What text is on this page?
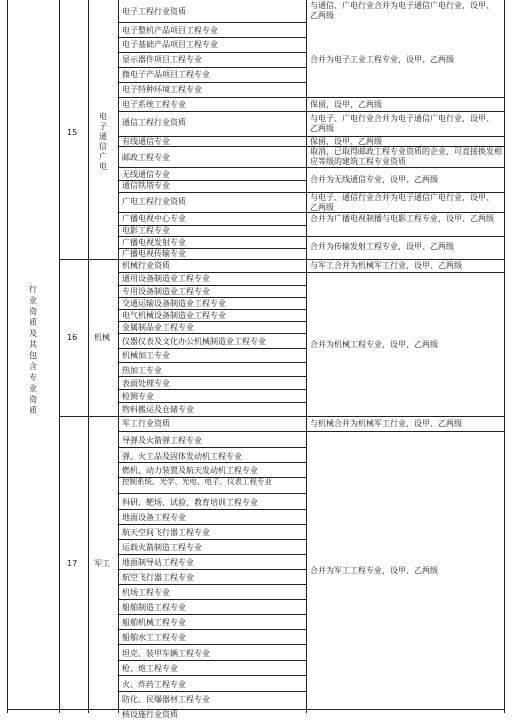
行业资质及其包含专业资质
15
电子通信广电
16 机械
17 军工
电子工程行业资质
电子整机产品项目工程专业
电子基础产品项目工程专业
显示器件项目工程专业
微电子产品项目工程专业
电子特种环境工程专业
电子系统工程专业
通信工程行业资质
有线通信专业
邮政工程专业
无线通信专业
通信铁塔专业
广电工程行业资质
广播电视中心专业
电影工程专业
广播电视发射专业
广播电视传输专业
与通信、广电行业合并为电子通信广电行业，设甲、乙两级
合并为电子工业工程专业，设甲、乙两级
保留，设甲、乙两级
与电子、广电行业合并为电子通信广电行业，设甲、乙两级
保留，设甲、乙两级
取消，已取得邮政工程专业资质的企业，可直接换发相应等级的建筑工程专业资质
合并为无线通信专业，设甲、乙两级
与电子、通信行业合并为电子通信广电行业，设甲、乙两级
合并为广播电视制播与电影工程专业，设甲、乙两级
合并为传输发射工程专业，设甲、乙两级
机械行业资质
通用设备制造业工程专业
专用设备制造业工程专业
交通运输设备制造业工程专业
电气机械设备制造业工程专业
金属制品业工程专业
仪器仪表及文化办公机械制造业工程专业
机械加工专业
热加工专业
表面处理专业
检测专业
物料搬运及仓储专业
与军工合并为机械军工行业，设甲、乙两级
合并为机械工程专业，设甲、乙两级
军工行业资质
导弹及火箭弹工程专业
弹、火工品及固体发动机工程专业
燃机、动力装置及航天发动机工程专业
控制系统、光学、光电、电子、仪表工程专业
科研、靶场、试验、教育培训工程专业
地面设备工程专业
航天空间飞行器工程专业
运载火箭制造工程专业
地面制导站工程专业
航空飞行器工程专业
机场工程专业
船舶制造工程专业
船舶机械工程专业
船舶水工工程专业
坦克、装甲车辆工程专业
枪、炮工程专业
火、炸药工程专业
防化、民爆器材工程专业
与机械合并为机械军工行业，设甲、乙两级
合并为军工工程专业，设甲、乙两级
核设施行业资质
